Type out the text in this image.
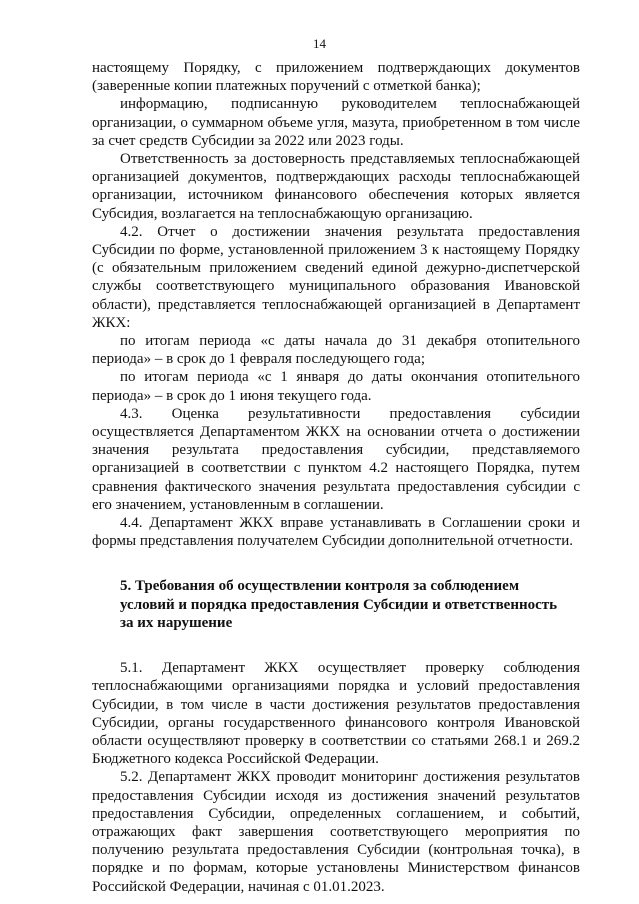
14

настоящему Порядку, с приложением подтверждающих документов (заверенные копии платежных поручений с отметкой банка);

информацию, подписанную руководителем теплоснабжающей организации, о суммарном объеме угля, мазута, приобретенном в том числе за счет средств Субсидии за 2022 или 2023 годы.

Ответственность за достоверность представляемых теплоснабжающей организацией документов, подтверждающих расходы теплоснабжающей организации, источником финансового обеспечения которых является Субсидия, возлагается на теплоснабжающую организацию.

4.2. Отчет о достижении значения результата предоставления Субсидии по форме, установленной приложением 3 к настоящему Порядку (с обязательным приложением сведений единой дежурно-диспетчерской службы соответствующего муниципального образования Ивановской области), представляется теплоснабжающей организацией в Департамент ЖКХ:

по итогам периода «с даты начала до 31 декабря отопительного периода» – в срок до 1 февраля последующего года;

по итогам периода «с 1 января до даты окончания отопительного периода» – в срок до 1 июня текущего года.

4.3. Оценка результативности предоставления субсидии осуществляется Департаментом ЖКХ на основании отчета о достижении значения результата предоставления субсидии, представляемого организацией в соответствии с пунктом 4.2 настоящего Порядка, путем сравнения фактического значения результата предоставления субсидии с его значением, установленным в соглашении.

4.4. Департамент ЖКХ вправе устанавливать в Соглашении сроки и формы представления получателем Субсидии дополнительной отчетности.

5. Требования об осуществлении контроля за соблюдением

условий и порядка предоставления Субсидии и ответственность

за их нарушение

5.1. Департамент ЖКХ осуществляет проверку соблюдения теплоснабжающими организациями порядка и условий предоставления Субсидии, в том числе в части достижения результатов предоставления Субсидии, органы государственного финансового контроля Ивановской области осуществляют проверку в соответствии со статьями 268.1 и 269.2 Бюджетного кодекса Российской Федерации.

5.2. Департамент ЖКХ проводит мониторинг достижения результатов предоставления Субсидии исходя из достижения значений результатов предоставления Субсидии, определенных соглашением, и событий, отражающих факт завершения соответствующего мероприятия по получению результата предоставления Субсидии (контрольная точка), в порядке и по формам, которые установлены Министерством финансов Российской Федерации, начиная с 01.01.2023.
